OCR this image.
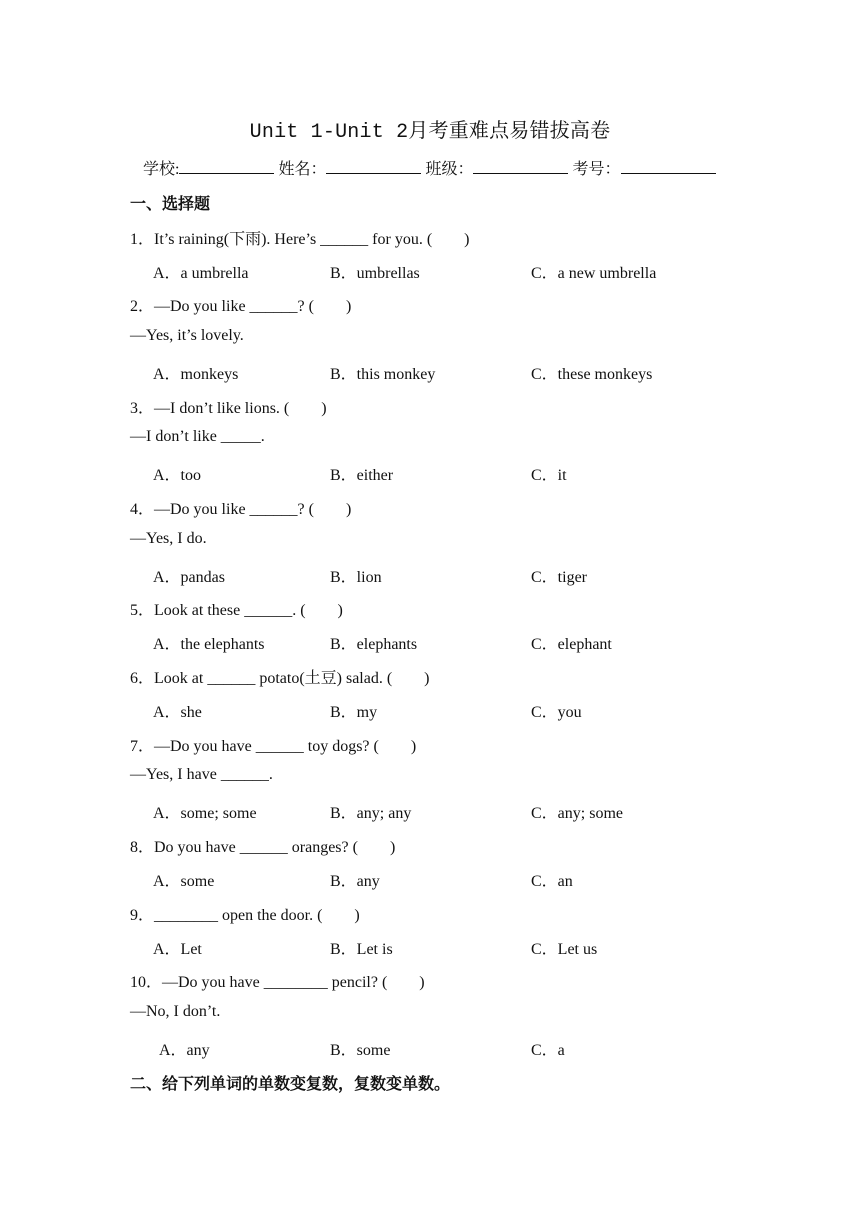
Unit 1-Unit 2月考重难点易错拔高卷
学校:	姓名：	班级：	考号：
一、选择题
1．It’s raining(下雨). Here’s ______ for you. (　　)
A．a umbrella	B．umbrellas	C．a new umbrella
2．—Do you like ______? (　　)
—Yes, it’s lovely.
A．monkeys	B．this monkey	C．these monkeys
3．—I don’t like lions. (　　)
—I don’t like _____.
A．too	B．either	C．it
4．—Do you like ______? (　　)
—Yes, I do.
A．pandas	B．lion	C．tiger
5．Look at these ______. (　　)
A．the elephants	B．elephants	C．elephant
6．Look at ______ potato(土豆) salad. (　　)
A．she	B．my	C．you
7．—Do you have ______ toy dogs? (　　)
—Yes, I have ______.
A．some; some	B．any; any	C．any; some
8．Do you have ______ oranges? (　　)
A．some	B．any	C．an
9．________ open the door. (　　)
A．Let	B．Let is	C．Let us
10．—Do you have ________ pencil? (　　)
—No, I don’t.
A．any	B．some	C．a
二、给下列单词的单数变复数，复数变单数。
